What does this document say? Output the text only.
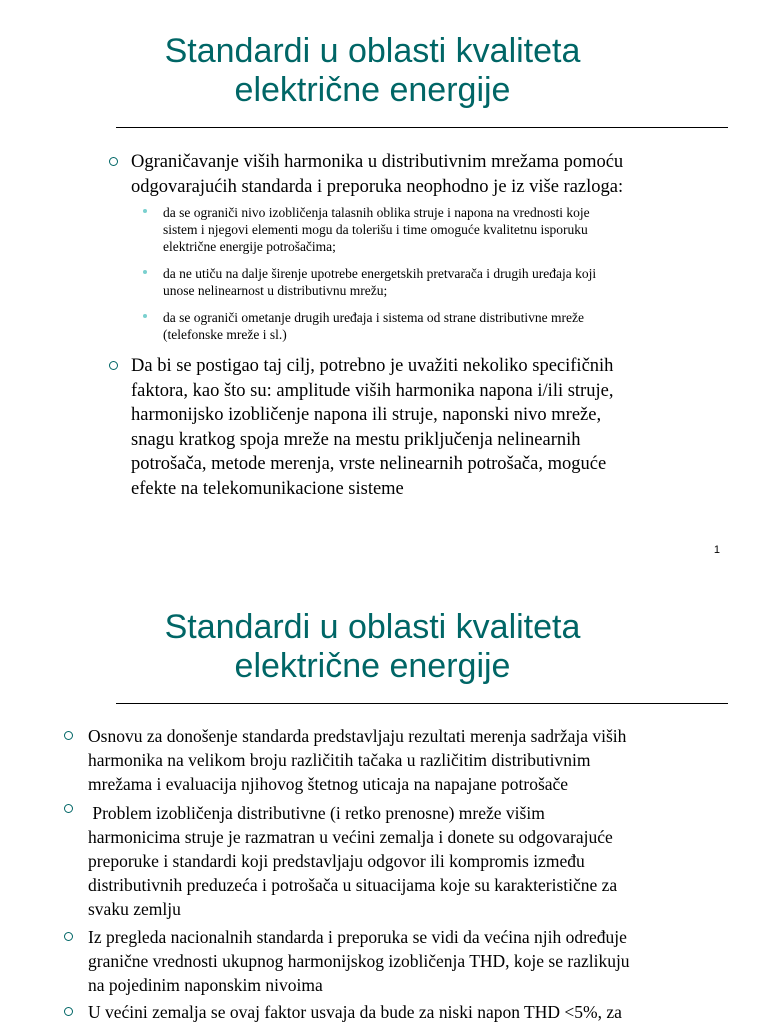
Standardi u oblasti kvaliteta
električne energije
Ograničavanje viših harmonika u distributivnim mrežama pomoću
odgovarajućih standarda i preporuka neophodno je iz više razloga:
da se ograniči nivo izobličenja talasnih oblika struje i napona na vrednosti koje
sistem i njegovi elementi mogu da tolerišu i time omoguće kvalitetnu isporuku
električne energije potrošačima;
da ne utiču na dalje širenje upotrebe energetskih pretvarača i drugih uređaja koji
unose nelinearnost u distributivnu mrežu;
da se ograniči ometanje drugih uređaja i sistema od strane distributivne mreže
(telefonske mreže i sl.)
Da bi se postigao taj cilj, potrebno je uvažiti nekoliko specifičnih
faktora, kao što su: amplitude viših harmonika napona i/ili struje,
harmonijsko izobličenje napona ili struje, naponski nivo mreže,
snagu kratkog spoja mreže na mestu priključenja nelinearnih
potrošača, metode merenja, vrste nelinearnih potrošača, moguće
efekte na telekomunikacione sisteme
1
Standardi u oblasti kvaliteta
električne energije
Osnovu za donošenje standarda predstavljaju rezultati merenja sadržaja viših
harmonika na velikom broju različitih tačaka u različitim distributivnim
mrežama i evaluacija njihovog štetnog uticaja na napajane potrošače
Problem izobličenja distributivne (i retko prenosne) mreže višim
harmonicima struje je razmatran u većini zemalja i donete su odgovarajuće
preporuke i standardi koji predstavljaju odgovor ili kompromis između
distributivnih preduzeća i potrošača u situacijama koje su karakteristične za
svaku zemlju
Iz pregleda nacionalnih standarda i preporuka se vidi da većina njih određuje
granične vrednosti ukupnog harmonijskog izobličenja THD, koje se razlikuju
na pojedinim naponskim nivoima
U većini zemalja se ovaj faktor usvaja da bude za niski napon THD <5%, za
